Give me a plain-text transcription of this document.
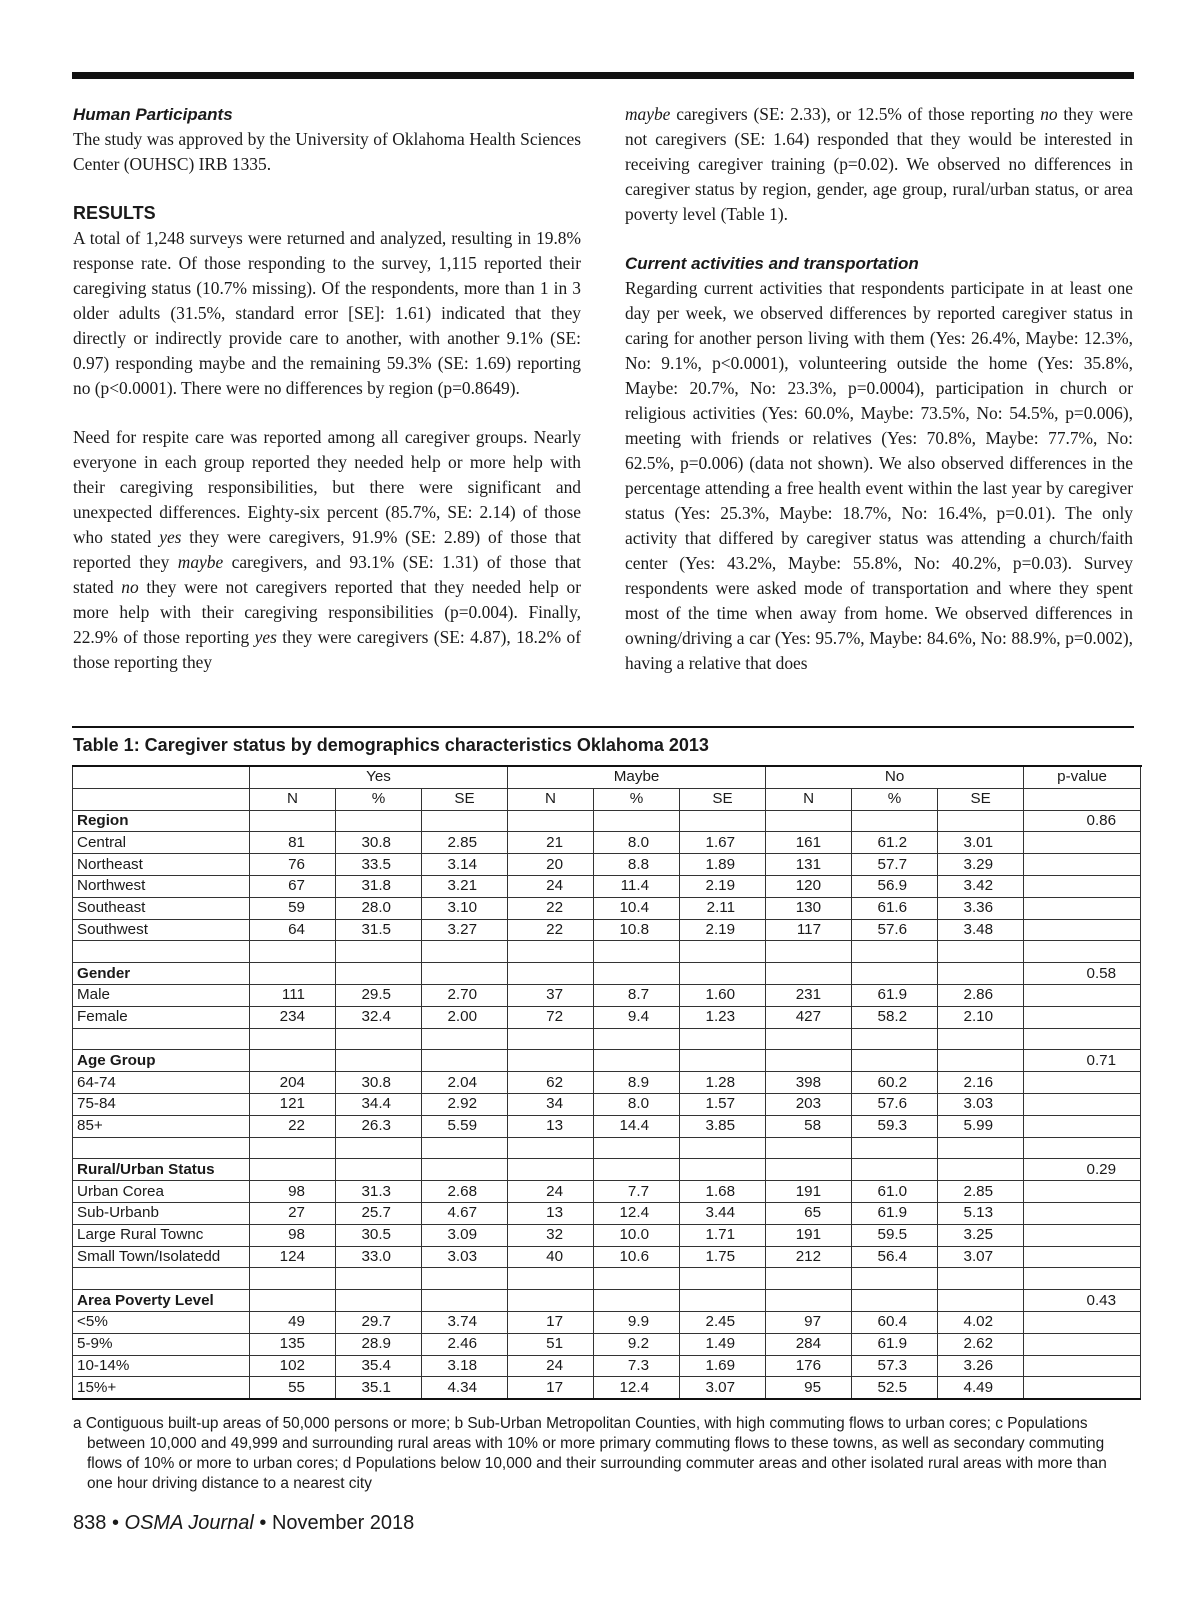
Human Participants

The study was approved by the University of Oklahoma Health Sciences Center (OUHSC) IRB 1335.

RESULTS

A total of 1,248 surveys were returned and analyzed, resulting in 19.8% response rate. Of those responding to the survey, 1,115 reported their caregiving status (10.7% missing). Of the respondents, more than 1 in 3 older adults (31.5%, standard error [SE]: 1.61) indicated that they directly or indirectly provide care to another, with another 9.1% (SE: 0.97) responding maybe and the remaining 59.3% (SE: 1.69) reporting no (p<0.0001). There were no differences by region (p=0.8649).

Need for respite care was reported among all caregiver groups. Nearly everyone in each group reported they needed help or more help with their caregiving responsibilities, but there were significant and unexpected differences. Eighty-six percent (85.7%, SE: 2.14) of those who stated yes they were caregivers, 91.9% (SE: 2.89) of those that reported they maybe caregivers, and 93.1% (SE: 1.31) of those that stated no they were not caregivers reported that they needed help or more help with their caregiving responsibilities (p=0.004). Finally, 22.9% of those reporting yes they were caregivers (SE: 4.87), 18.2% of those reporting they

maybe caregivers (SE: 2.33), or 12.5% of those reporting no they were not caregivers (SE: 1.64) responded that they would be interested in receiving caregiver training (p=0.02). We observed no differences in caregiver status by region, gender, age group, rural/urban status, or area poverty level (Table 1).

Current activities and transportation

Regarding current activities that respondents participate in at least one day per week, we observed differences by reported caregiver status in caring for another person living with them (Yes: 26.4%, Maybe: 12.3%, No: 9.1%, p<0.0001), volunteering outside the home (Yes: 35.8%, Maybe: 20.7%, No: 23.3%, p=0.0004), participation in church or religious activities (Yes: 60.0%, Maybe: 73.5%, No: 54.5%, p=0.006), meeting with friends or relatives (Yes: 70.8%, Maybe: 77.7%, No: 62.5%, p=0.006) (data not shown). We also observed differences in the percentage attending a free health event within the last year by caregiver status (Yes: 25.3%, Maybe: 18.7%, No: 16.4%, p=0.01). The only activity that differed by caregiver status was attending a church/faith center (Yes: 43.2%, Maybe: 55.8%, No: 40.2%, p=0.03). Survey respondents were asked mode of transportation and where they spent most of the time when away from home. We observed differences in owning/driving a car (Yes: 95.7%, Maybe: 84.6%, No: 88.9%, p=0.002), having a relative that does

Table 1: Caregiver status by demographics characteristics Oklahoma 2013
	Yes			Maybe			No			p-value
	N	%	SE	N	%	SE	N	%	SE	
Region										0.86
Central	81	30.8	2.85	21	8.0	1.67	161	61.2	3.01	
Northeast	76	33.5	3.14	20	8.8	1.89	131	57.7	3.29	
Northwest	67	31.8	3.21	24	11.4	2.19	120	56.9	3.42	
Southeast	59	28.0	3.10	22	10.4	2.11	130	61.6	3.36	
Southwest	64	31.5	3.27	22	10.8	2.19	117	57.6	3.48	

Gender										0.58
Male	111	29.5	2.70	37	8.7	1.60	231	61.9	2.86	
Female	234	32.4	2.00	72	9.4	1.23	427	58.2	2.10	

Age Group										0.71
64-74	204	30.8	2.04	62	8.9	1.28	398	60.2	2.16	
75-84	121	34.4	2.92	34	8.0	1.57	203	57.6	3.03	
85+	22	26.3	5.59	13	14.4	3.85	58	59.3	5.99	

Rural/Urban Status										0.29
Urban Corea	98	31.3	2.68	24	7.7	1.68	191	61.0	2.85	
Sub-Urbanb	27	25.7	4.67	13	12.4	3.44	65	61.9	5.13	
Large Rural Townc	98	30.5	3.09	32	10.0	1.71	191	59.5	3.25	
Small Town/Isolatedd	124	33.0	3.03	40	10.6	1.75	212	56.4	3.07	

Area Poverty Level										0.43
<5%	49	29.7	3.74	17	9.9	2.45	97	60.4	4.02	
5-9%	135	28.9	2.46	51	9.2	1.49	284	61.9	2.62	
10-14%	102	35.4	3.18	24	7.3	1.69	176	57.3	3.26	
15%+	55	35.1	4.34	17	12.4	3.07	95	52.5	4.49	

a Contiguous built-up areas of 50,000 persons or more; b Sub-Urban Metropolitan Counties, with high commuting flows to urban cores; c Populations between 10,000 and 49,999 and surrounding rural areas with 10% or more primary commuting flows to these towns, as well as secondary commuting flows of 10% or more to urban cores; d Populations below 10,000 and their surrounding commuter areas and other isolated rural areas with more than one hour driving distance to a nearest city

838 • OSMA Journal • November 2018
